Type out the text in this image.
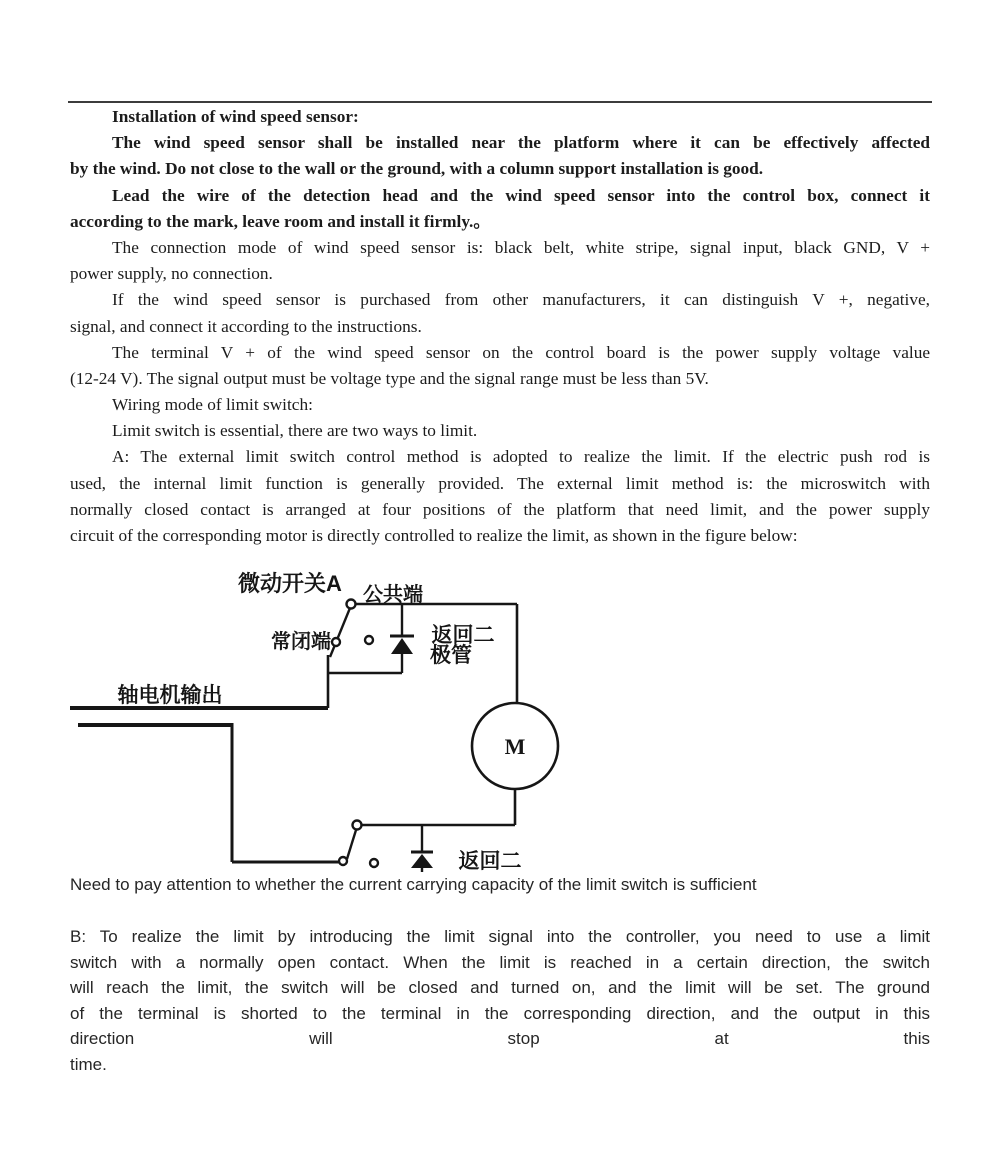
Installation of wind speed sensor:
The wind speed sensor shall be installed near the platform where it can be effectively affected
by the wind. Do not close to the wall or the ground, with a column support installation is good.
Lead the wire of the detection head and the wind speed sensor into the control box, connect it
according to the mark, leave room and install it firmly.。
The connection mode of wind speed sensor is: black belt, white stripe, signal input, black GND, V +
power supply, no connection.
If the wind speed sensor is purchased from other manufacturers, it can distinguish V +, negative,
signal, and connect it according to the instructions.
The terminal V + of the wind speed sensor on the control board is the power supply voltage value
(12-24 V). The signal output must be voltage type and the signal range must be less than 5V.
Wiring mode of limit switch:
Limit switch is essential, there are two ways to limit.
A: The external limit switch control method is adopted to realize the limit. If the electric push rod is
used, the internal limit function is generally provided. The external limit method is: the microswitch with
normally closed contact is arranged at four positions of the platform that need limit, and the power supply
circuit of the corresponding motor is directly controlled to realize the limit, as shown in the figure below:
微动开关A 公共端
常闭端	返回二
极管
轴电机输出
返回二
M
Need to pay attention to whether the current carrying capacity of the limit switch is sufficient
B: To realize the limit by introducing the limit signal into the controller, you need to use a limit
switch with a normally open contact. When the limit is reached in a certain direction, the switch
will reach the limit, the switch will be closed and turned on, and the limit will be set. The ground
of the terminal is shorted to the terminal in the corresponding direction, and the output in this
direction will stop at this
time.
